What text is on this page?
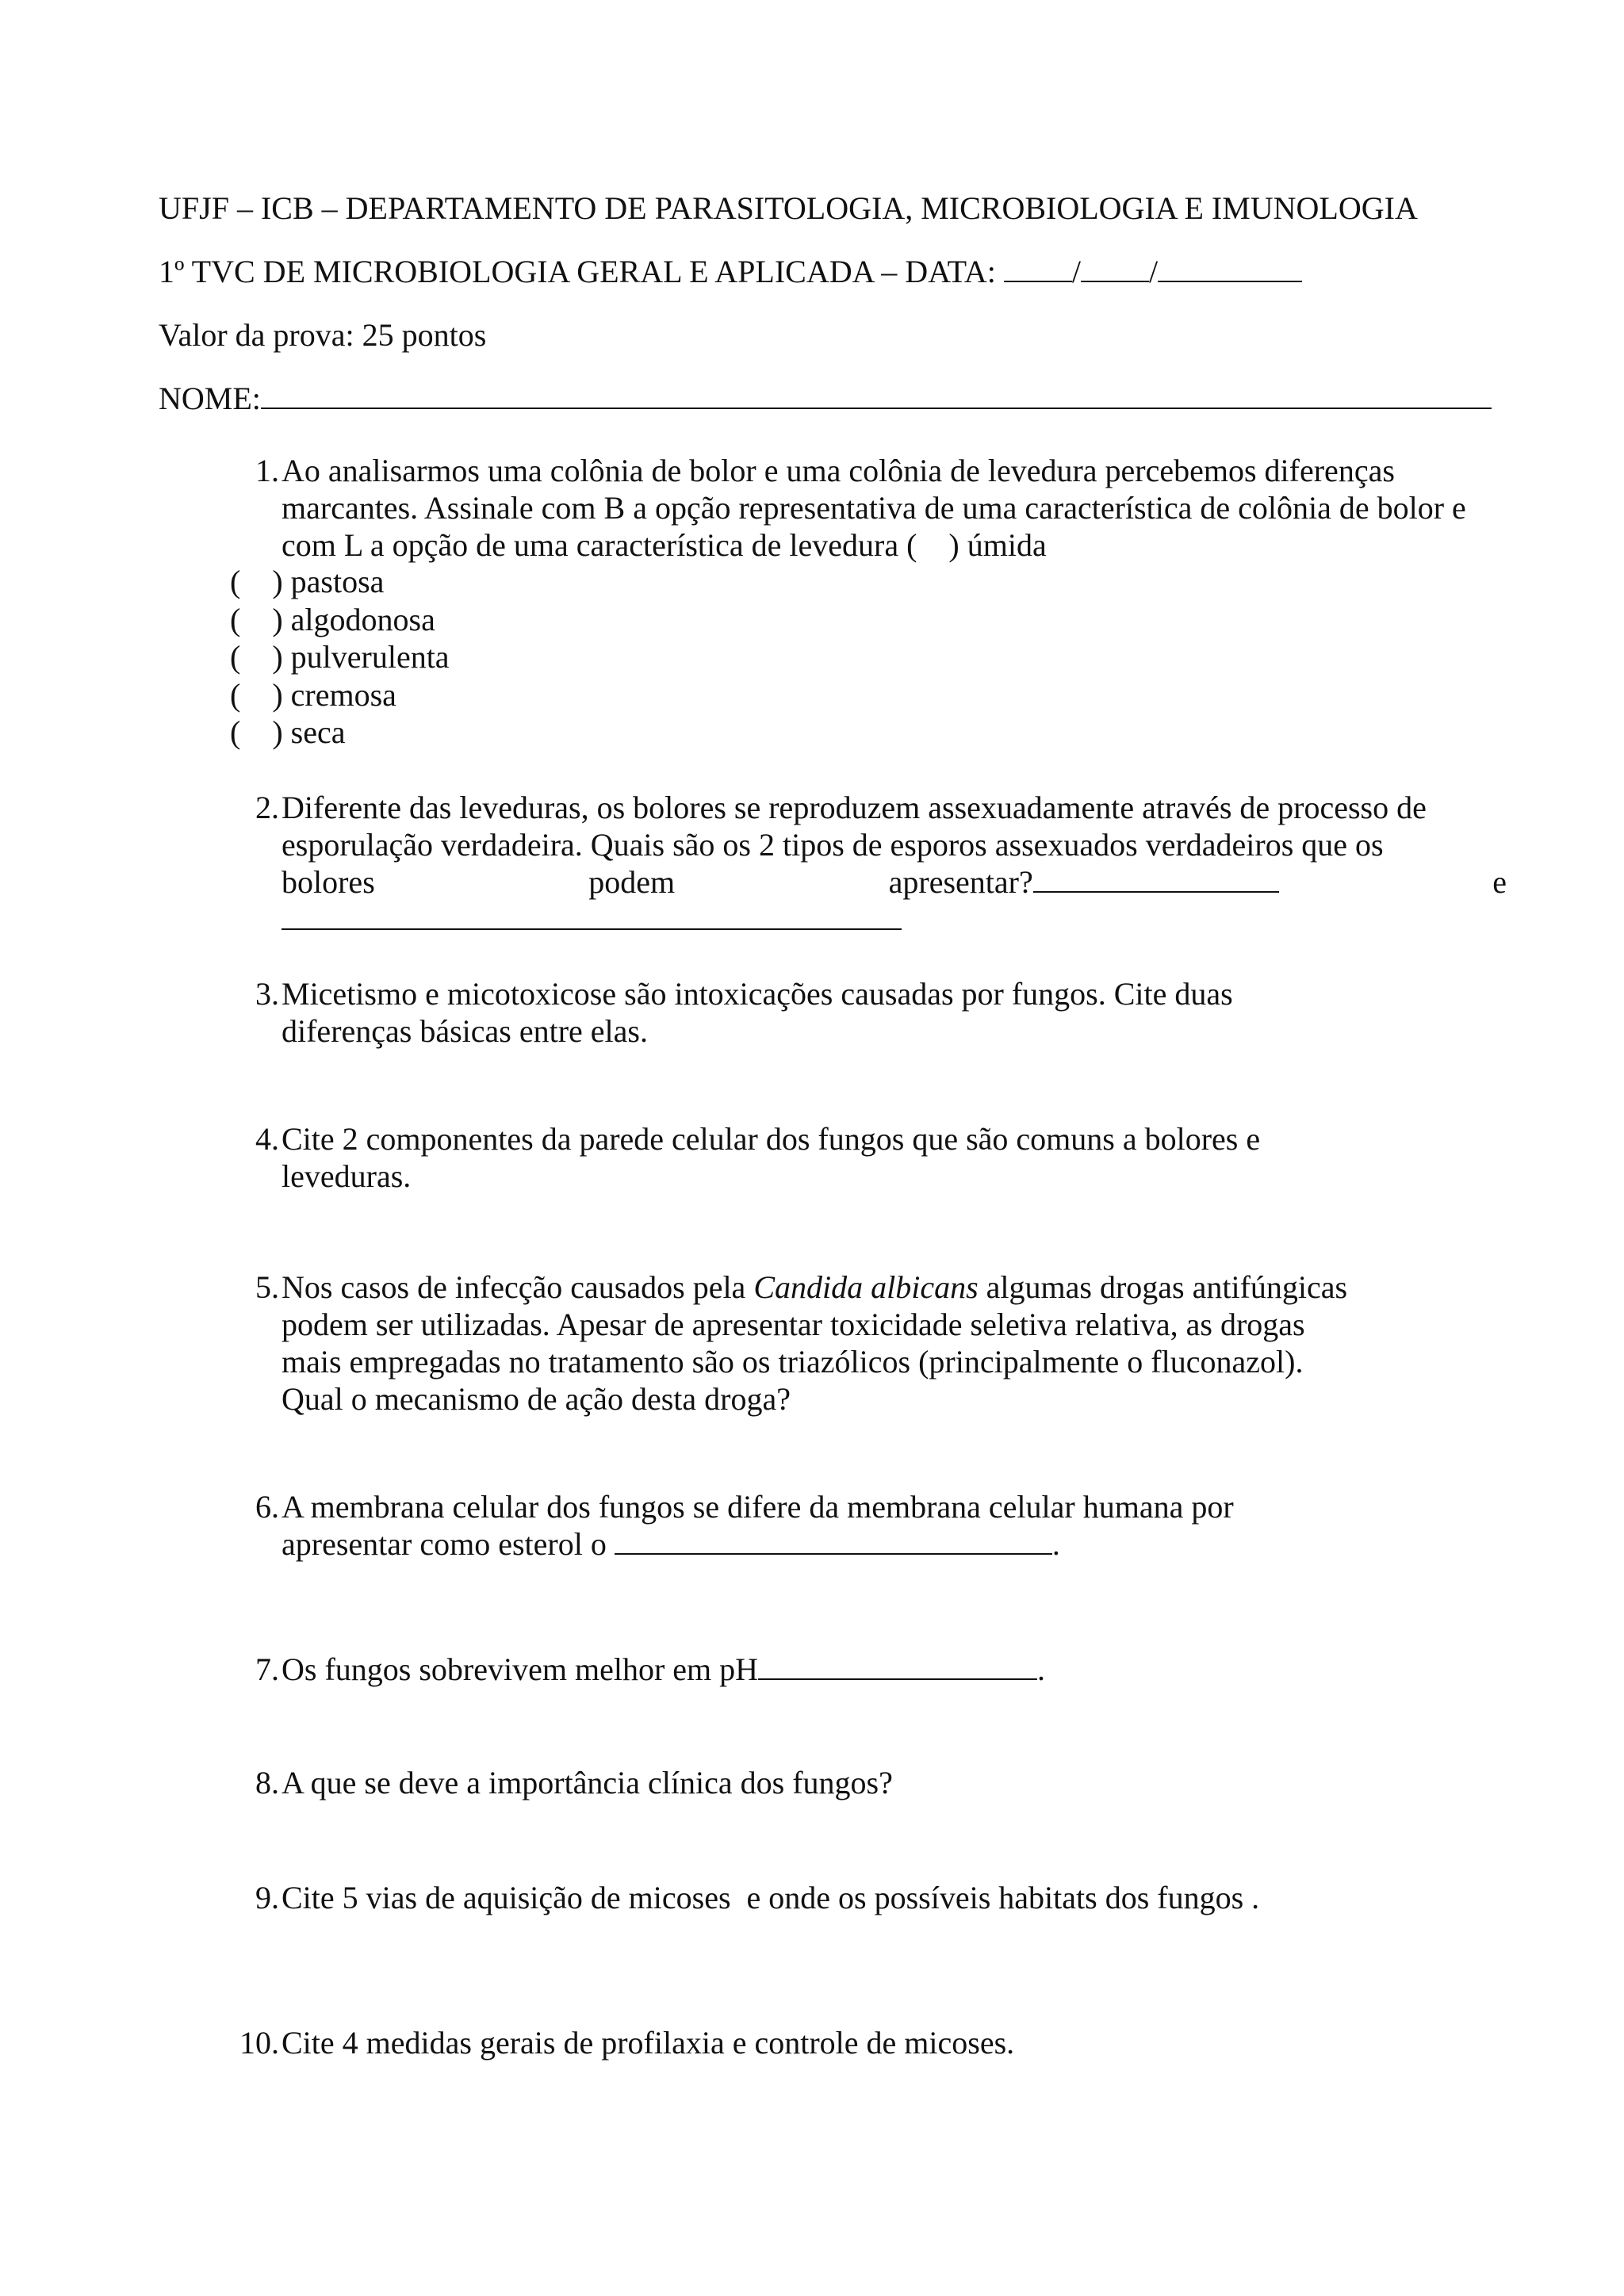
UFJF – ICB – DEPARTAMENTO DE PARASITOLOGIA, MICROBIOLOGIA E IMUNOLOGIA
1º TVC DE MICROBIOLOGIA GERAL E APLICADA – DATA: / /
Valor da prova: 25 pontos
NOME:
1. Ao analisarmos uma colônia de bolor e uma colônia de levedura percebemos diferenças
marcantes. Assinale com B a opção representativa de uma característica de colônia de bolor e
com L a opção de uma característica de levedura (    ) úmida
(    ) pastosa
(    ) algodonosa
(    ) pulverulenta
(    ) cremosa
(    ) seca
2. Diferente das leveduras, os bolores se reproduzem assexuadamente através de processo de
esporulação verdadeira. Quais são os 2 tipos de esporos assexuados verdadeiros que os
bolores	podem	apresentar?	e
3. Micetismo e micotoxicose são intoxicações causadas por fungos. Cite duas
diferenças básicas entre elas.
4. Cite 2 componentes da parede celular dos fungos que são comuns a bolores e
leveduras.
5. Nos casos de infecção causados pela Candida albicans algumas drogas antifúngicas
podem ser utilizadas. Apesar de apresentar toxicidade seletiva relativa, as drogas
mais empregadas no tratamento são os triazólicos (principalmente o fluconazol).
Qual o mecanismo de ação desta droga?
6. A membrana celular dos fungos se difere da membrana celular humana por
apresentar como esterol o	.
7. Os fungos sobrevivem melhor em pH	.
8. A que se deve a importância clínica dos fungos?
9. Cite 5 vias de aquisição de micoses  e onde os possíveis habitats dos fungos .
10. Cite 4 medidas gerais de profilaxia e controle de micoses.
